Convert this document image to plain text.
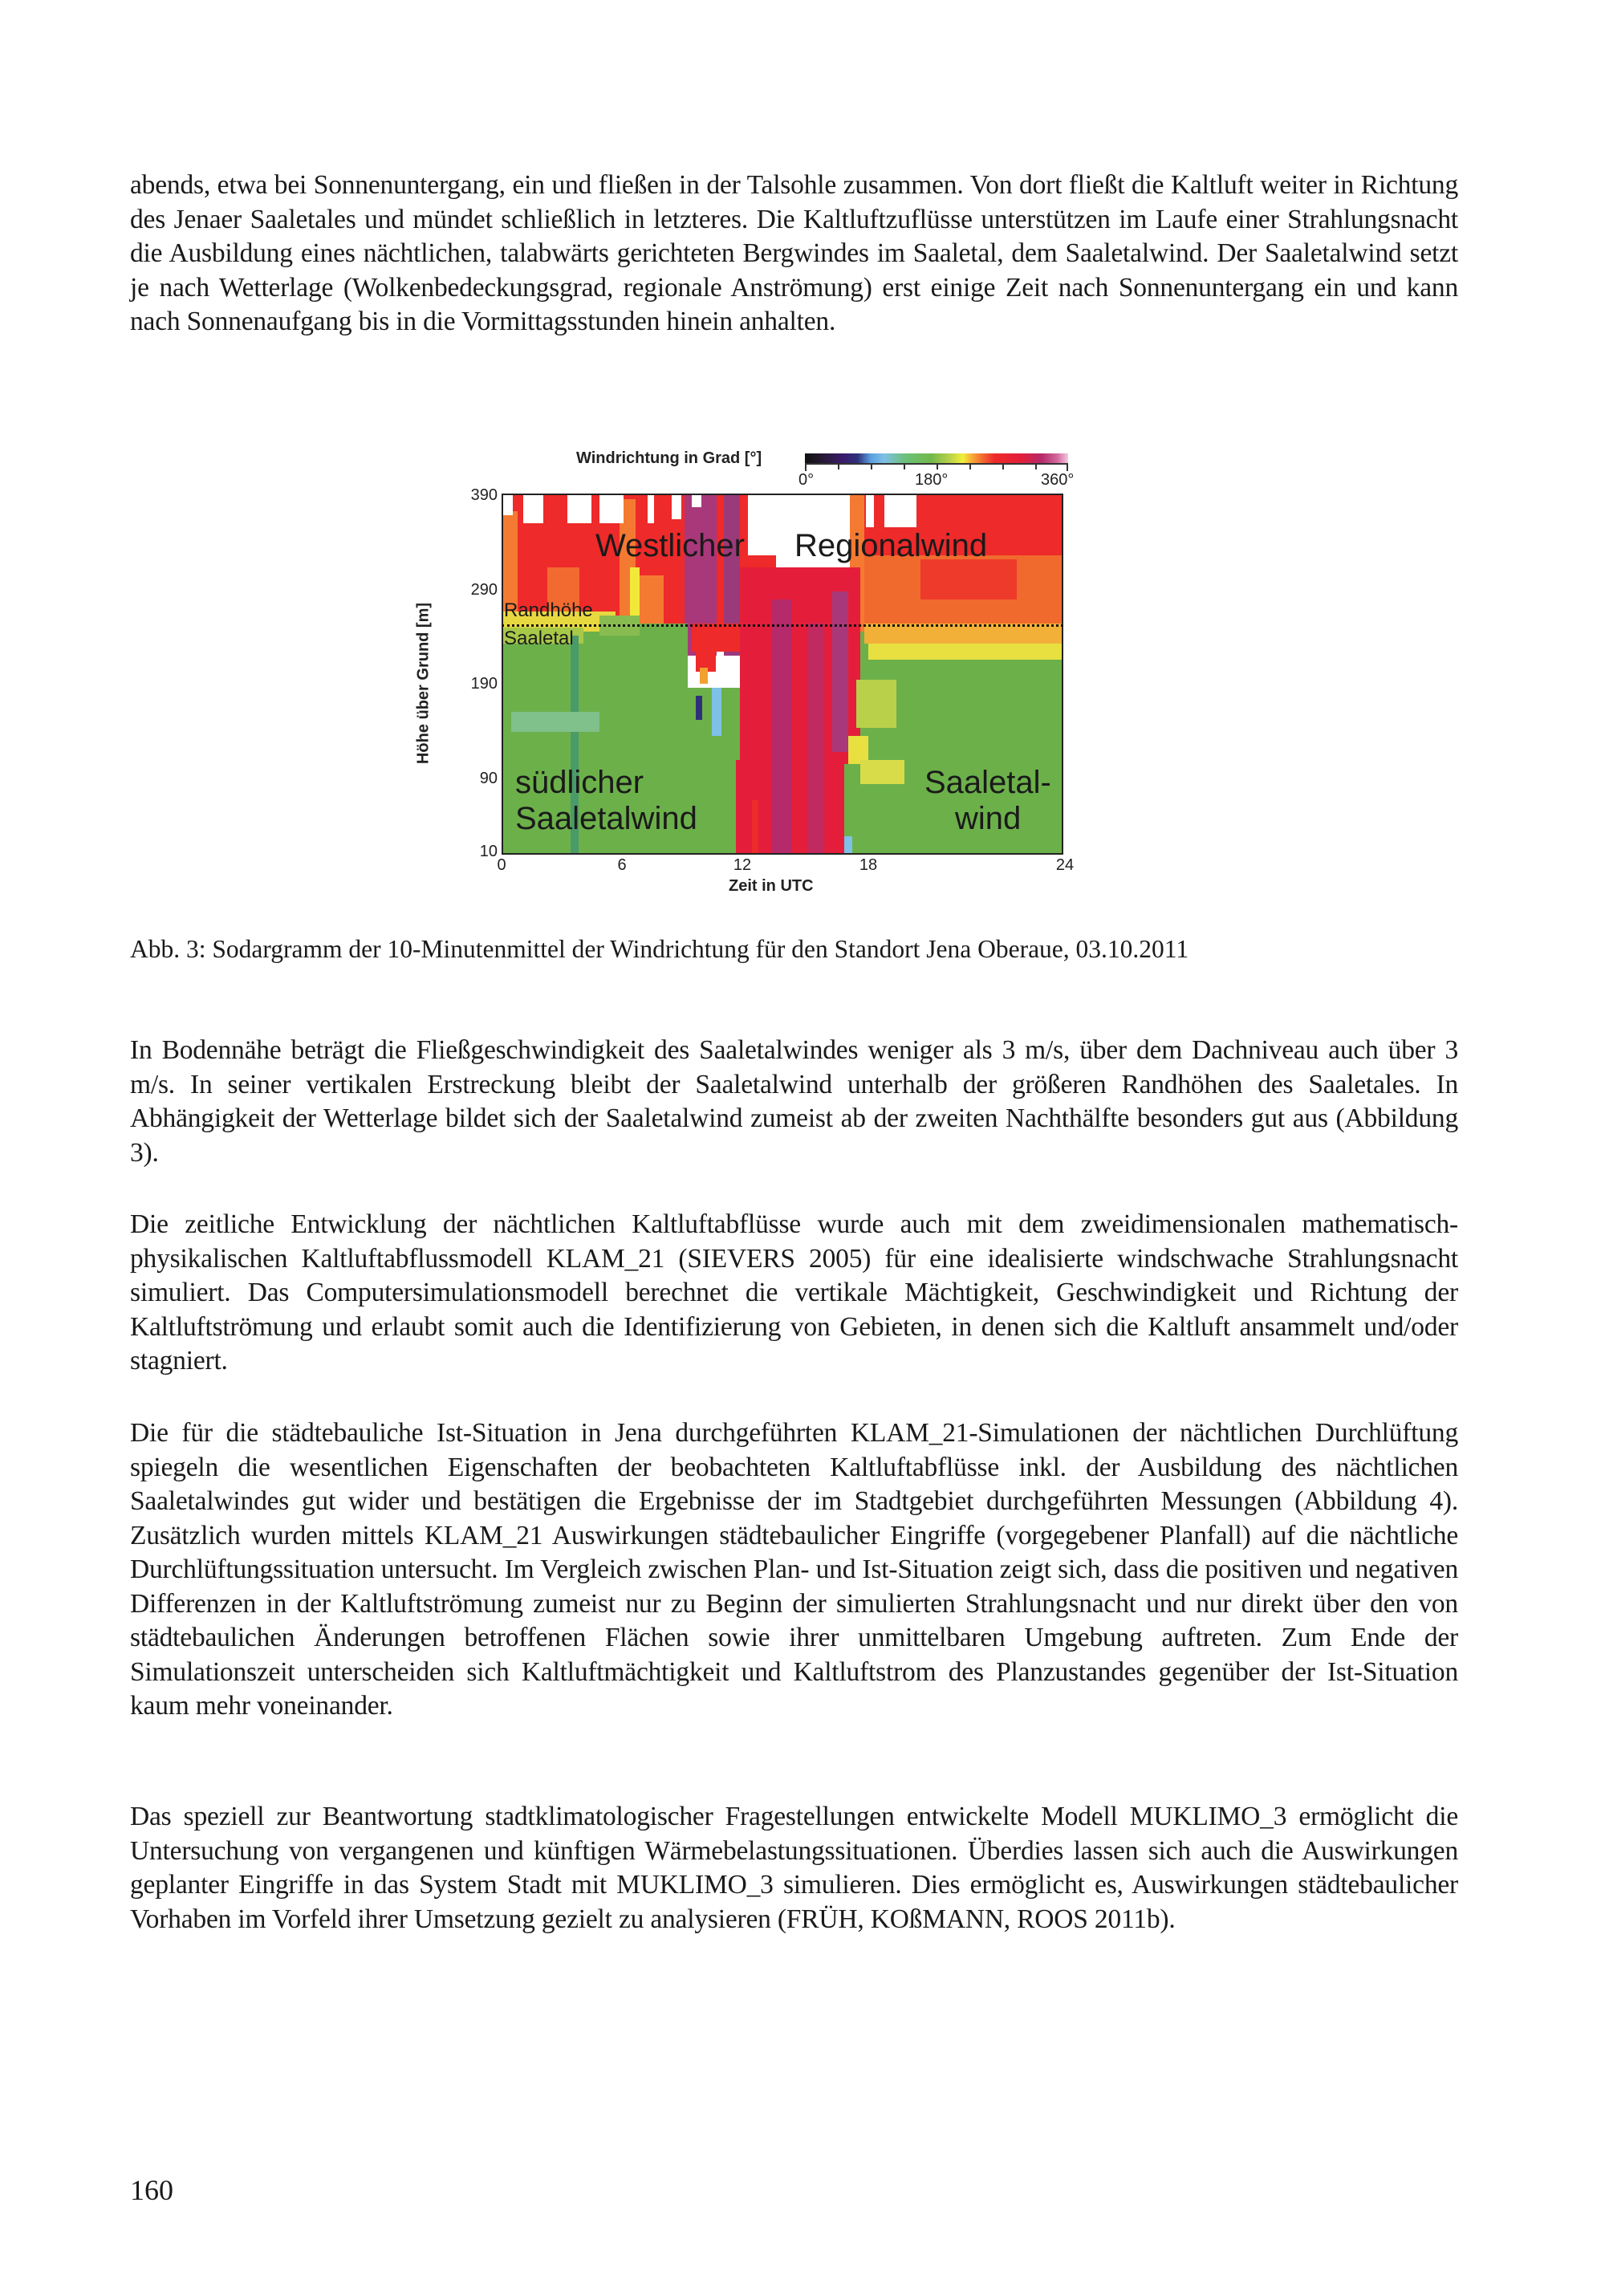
abends, etwa bei Sonnenuntergang, ein und fließen in der Talsohle zusammen. Von dort fließt die Kaltluft weiter in Richtung des Jenaer Saaletales und mündet schließlich in letzteres. Die Kaltluftzuflüsse unterstützen im Laufe einer Strahlungsnacht die Ausbildung eines nächtlichen, talabwärts gerichteten Bergwindes im Saaletal, dem Saaletalwind. Der Saaletalwind setzt je nach Wetterlage (Wolkenbedeckungsgrad, regionale Anströmung) erst einige Zeit nach Sonnenuntergang ein und kann nach Sonnenaufgang bis in die Vormittagsstunden hinein anhalten.

Windrichtung in Grad [°]
0°	180°	360°
Westlicher Regionalwind
Randhöhe
Saaletal
südlicher
Saaletalwind
Saaletal-
wind
390
290
190
90
10
0	6	12	18	24
Höhe über Grund [m]
Zeit in UTC

Abb. 3: Sodargramm der 10-Minutenmittel der Windrichtung für den Standort Jena Oberaue, 03.10.2011

In Bodennähe beträgt die Fließgeschwindigkeit des Saaletalwindes weniger als 3 m/s, über dem Dachniveau auch über 3 m/s. In seiner vertikalen Erstreckung bleibt der Saaletalwind unterhalb der größeren Randhöhen des Saaletales. In Abhängigkeit der Wetterlage bildet sich der Saaletalwind zumeist ab der zweiten Nachthälfte besonders gut aus (Abbildung 3).

Die zeitliche Entwicklung der nächtlichen Kaltluftabflüsse wurde auch mit dem zweidimensionalen mathematisch-physikalischen Kaltluftabflussmodell KLAM_21 (SIEVERS 2005) für eine idealisierte windschwache Strahlungsnacht simuliert. Das Computersimulationsmodell berechnet die vertikale Mächtigkeit, Geschwindigkeit und Richtung der Kaltluftströmung und erlaubt somit auch die Identifizierung von Gebieten, in denen sich die Kaltluft ansammelt und/oder stagniert.

Die für die städtebauliche Ist-Situation in Jena durchgeführten KLAM_21-Simulationen der nächtlichen Durchlüftung spiegeln die wesentlichen Eigenschaften der beobachteten Kaltluftabflüsse inkl. der Ausbildung des nächtlichen Saaletalwindes gut wider und bestätigen die Ergebnisse der im Stadtgebiet durchgeführten Messungen (Abbildung 4). Zusätzlich wurden mittels KLAM_21 Auswirkungen städtebaulicher Eingriffe (vorgegebener Planfall) auf die nächtliche Durchlüftungssituation untersucht. Im Vergleich zwischen Plan- und Ist-Situation zeigt sich, dass die positiven und negativen Differenzen in der Kaltluftströmung zumeist nur zu Beginn der simulierten Strahlungsnacht und nur direkt über den von städtebaulichen Änderungen betroffenen Flächen sowie ihrer unmittelbaren Umgebung auftreten. Zum Ende der Simulationszeit unterscheiden sich Kaltluftmächtigkeit und Kaltluftstrom des Planzustandes gegenüber der Ist-Situation kaum mehr voneinander.

Das speziell zur Beantwortung stadtklimatologischer Fragestellungen entwickelte Modell MUKLIMO_3 ermöglicht die Untersuchung von vergangenen und künftigen Wärmebelastungssituationen. Überdies lassen sich auch die Auswirkungen geplanter Eingriffe in das System Stadt mit MUKLIMO_3 simulieren. Dies ermöglicht es, Auswirkungen städtebaulicher Vorhaben im Vorfeld ihrer Umsetzung gezielt zu analysieren (FRÜH, KOßMANN, ROOS 2011b).

160
